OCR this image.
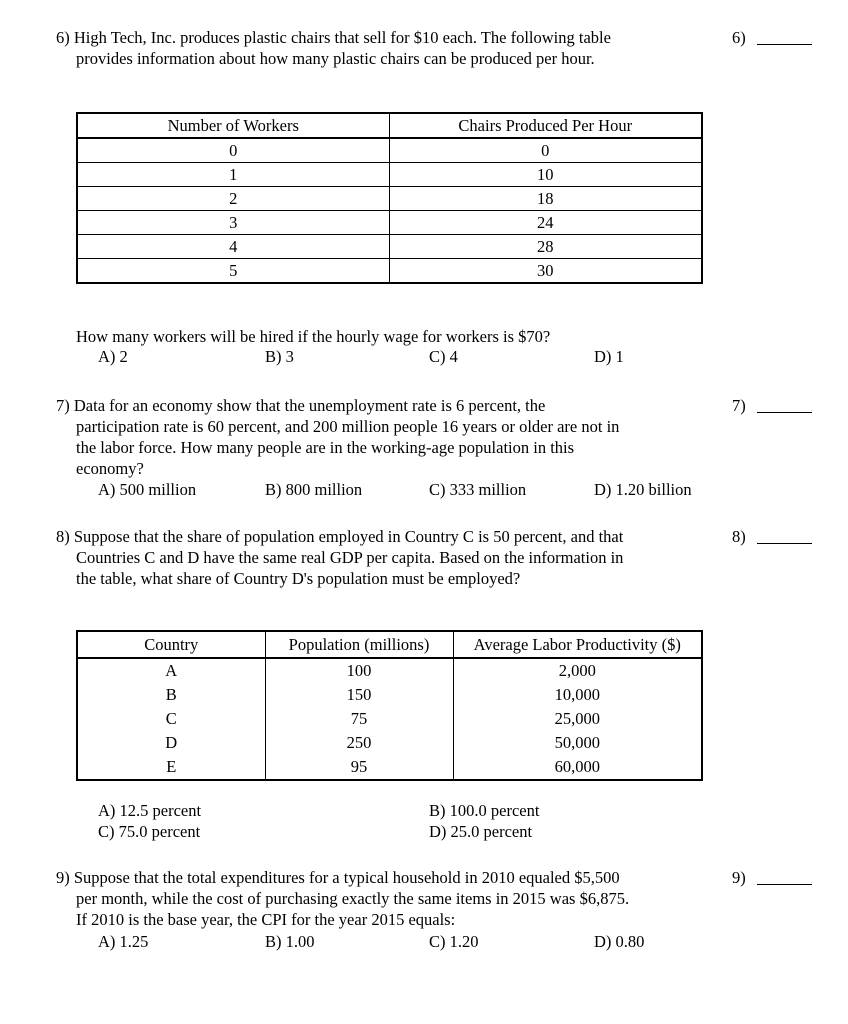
6) High Tech, Inc. produces plastic chairs that sell for $10 each. The following table
provides information about how many plastic chairs can be produced per hour.
6)
Number of Workers	Chairs Produced Per Hour
0	0
1	10
2	18
3	24
4	28
5	30
How many workers will be hired if the hourly wage for workers is $70?
A) 2	B) 3	C) 4	D) 1
7) Data for an economy show that the unemployment rate is 6 percent, the
participation rate is 60 percent, and 200 million people 16 years or older are not in
the labor force. How many people are in the working-age population in this
economy?
7)
A) 500 million	B) 800 million	C) 333 million	D) 1.20 billion
8) Suppose that the share of population employed in Country C is 50 percent, and that
Countries C and D have the same real GDP per capita. Based on the information in
the table, what share of Country D's population must be employed?
8)
Country	Population (millions)	Average Labor Productivity ($)
A	100	2,000
B	150	10,000
C	75	25,000
D	250	50,000
E	95	60,000
A) 12.5 percent	B) 100.0 percent
C) 75.0 percent	D) 25.0 percent
9) Suppose that the total expenditures for a typical household in 2010 equaled $5,500
per month, while the cost of purchasing exactly the same items in 2015 was $6,875.
If 2010 is the base year, the CPI for the year 2015 equals:
9)
A) 1.25	B) 1.00	C) 1.20	D) 0.80
